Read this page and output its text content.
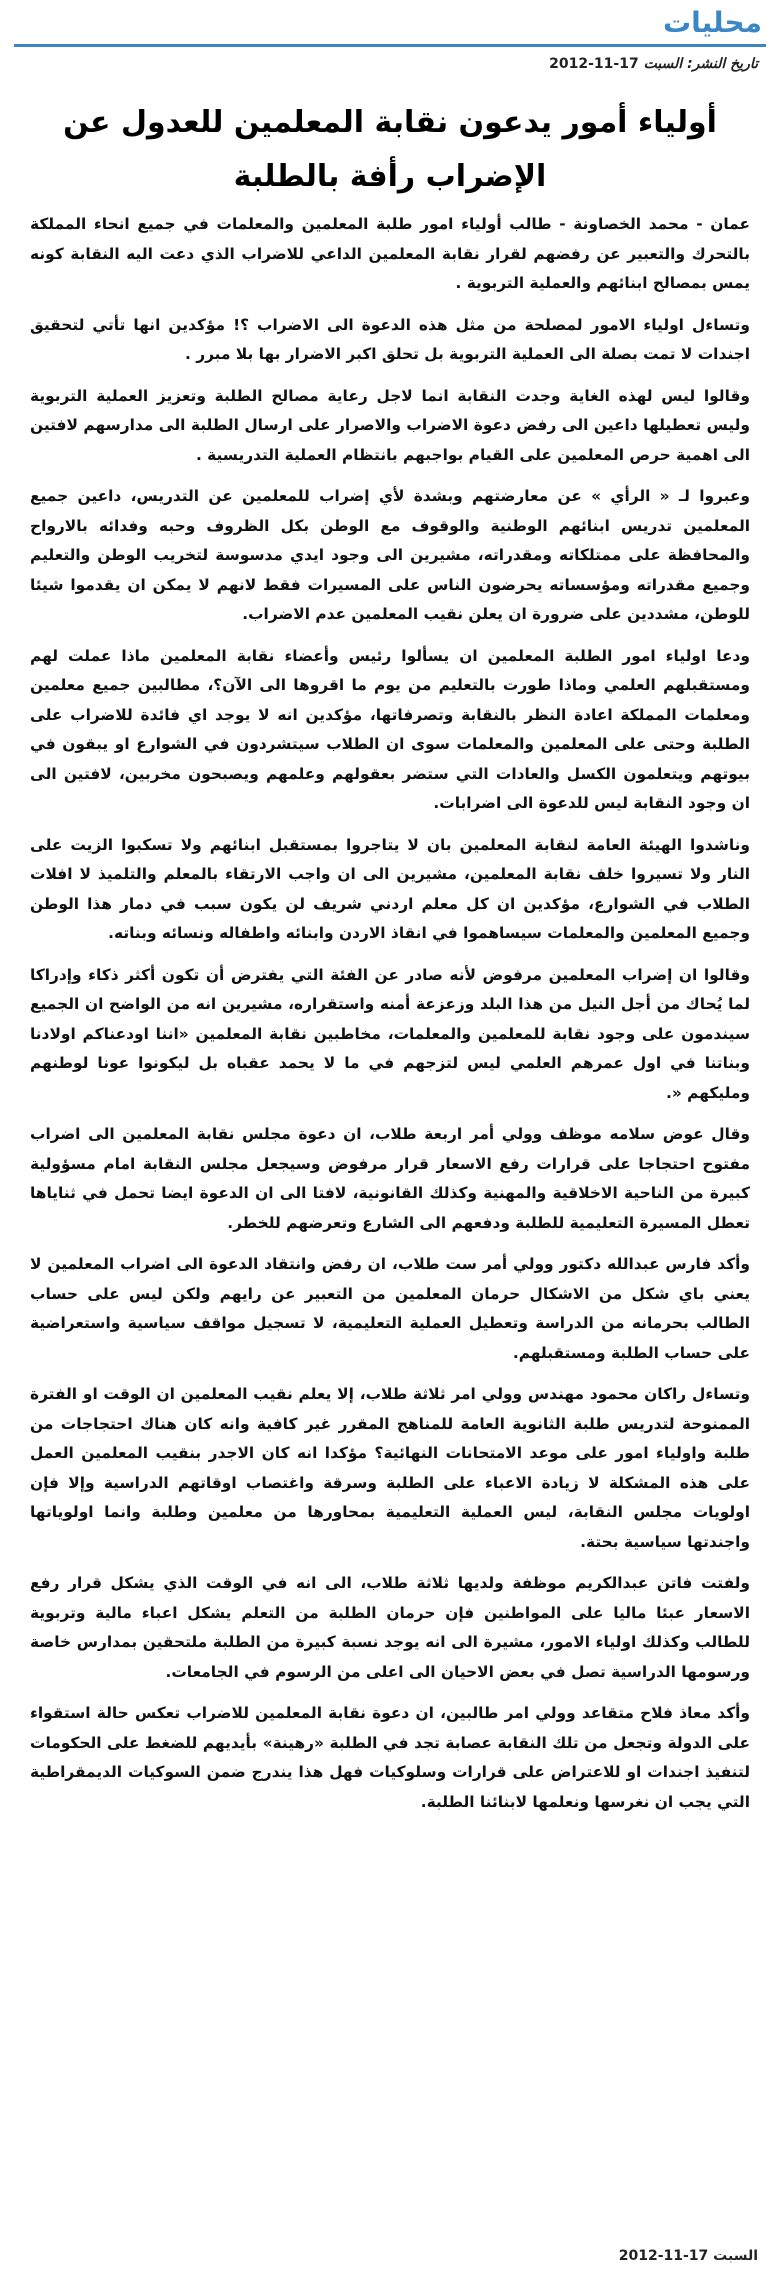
محليات
تاريخ النشر: السبت 17-11-2012
أولياء أمور يدعون نقابة المعلمين للعدول عن الإضراب رأفة بالطلبة

عمان - محمد الخصاونة - طالب أولياء امور طلبة المعلمين والمعلمات في جميع انحاء المملكة بالتحرك والتعبير عن رفضهم لقرار نقابة المعلمين الداعي للاضراب الذي دعت اليه النقابة كونه يمس بمصالح ابنائهم والعملية التربوية .

وتساءل اولياء الامور لمصلحة من مثل هذه الدعوة الى الاضراب ؟! مؤكدين انها تأتي لتحقيق اجندات لا تمت بصلة الى العملية التربوية بل تحلق اكبر الاضرار بها بلا مبرر .

وقالوا ليس لهذه الغاية وجدت النقابة انما لاجل رعاية مصالح الطلبة وتعزيز العملية التربوية وليس تعطيلها داعين الى رفض دعوة الاضراب والاصرار على ارسال الطلبة الى مدارسهم لافتين الى اهمية حرص المعلمين على القيام بواجبهم بانتظام العملية التدريسية .

وعبروا لـ « الرأي » عن معارضتهم وبشدة لأي إضراب للمعلمين عن التدريس، داعين جميع المعلمين تدريس ابنائهم الوطنية والوقوف مع الوطن بكل الظروف وحبه وفدائه بالارواح والمحافظة على ممتلكاته ومقدراته، مشيرين الى وجود ايدي مدسوسة لتخريب الوطن والتعليم وجميع مقدراته ومؤسساته يحرضون الناس على المسيرات فقط لانهم لا يمكن ان يقدموا شيئا للوطن، مشددين على ضرورة ان يعلن نقيب المعلمين عدم الاضراب.

ودعا اولياء امور الطلبة المعلمين ان يسألوا رئيس وأعضاء نقابة المعلمين ماذا عملت لهم ومستقبلهم العلمي وماذا طورت بالتعليم من يوم ما اقروها الى الآن؟، مطالبين جميع معلمين ومعلمات المملكة اعادة النظر بالنقابة وتصرفاتها، مؤكدين انه لا يوجد اي فائدة للاضراب على الطلبة وحتى على المعلمين والمعلمات سوى ان الطلاب سيتشردون في الشوارع او يبقون في بيوتهم ويتعلمون الكسل والعادات التي ستضر بعقولهم وعلمهم ويصبحون مخربين، لافتين الى ان وجود النقابة ليس للدعوة الى اضرابات.

وناشدوا الهيئة العامة لنقابة المعلمين بان لا يتاجروا بمستقبل ابنائهم ولا تسكبوا الزيت على النار ولا تسيروا خلف نقابة المعلمين، مشيرين الى ان واجب الارتقاء بالمعلم والتلميذ لا افلات الطلاب في الشوارع، مؤكدين ان كل معلم اردني شريف لن يكون سبب في دمار هذا الوطن وجميع المعلمين والمعلمات سيساهموا في انقاذ الاردن وابنائه واطفاله ونسائه وبناته.

وقالوا ان إضراب المعلمين مرفوض لأنه صادر عن الفئة التي يفترض أن تكون أكثر ذكاء وإدراكا لما يُحاك من أجل النيل من هذا البلد وزعزعة أمنه واستقراره، مشيرين انه من الواضح ان الجميع سيندمون على وجود نقابة للمعلمين والمعلمات، مخاطبين نقابة المعلمين «اننا اودعناكم اولادنا وبناتنا في اول عمرهم العلمي ليس لتزجهم في ما لا يحمد عقباه بل ليكونوا عونا لوطنهم ومليكهم «.

وقال عوض سلامه موظف وولي أمر اربعة طلاب، ان دعوة مجلس نقابة المعلمين الى اضراب مفتوح احتجاجا على قرارات رفع الاسعار قرار مرفوض وسيجعل مجلس النقابة امام مسؤولية كبيرة من الناحية الاخلاقية والمهنية وكذلك القانونية، لافتا الى ان الدعوة ايضا تحمل في ثناياها تعطل المسيرة التعليمية للطلبة ودفعهم الى الشارع وتعرضهم للخطر.

وأكد فارس عبدالله دكتور وولي أمر ست طلاب، ان رفض وانتقاد الدعوة الى اضراب المعلمين لا يعني باي شكل من الاشكال حرمان المعلمين من التعبير عن رايهم ولكن ليس على حساب الطالب بحرمانه من الدراسة وتعطيل العملية التعليمية، لا تسجيل مواقف سياسية واستعراضية على حساب الطلبة ومستقبلهم.

وتساءل راكان محمود مهندس وولي امر ثلاثة طلاب، إلا يعلم نقيب المعلمين ان الوقت او الفترة الممنوحة لتدريس طلبة الثانوية العامة للمناهج المقرر غير كافية وانه كان هناك احتجاجات من طلبة واولياء امور على موعد الامتحانات النهائية؟ مؤكدا انه كان الاجدر بنقيب المعلمين العمل على هذه المشكلة لا زيادة الاعباء على الطلبة وسرقة واغتصاب اوقاتهم الدراسية وإلا فإن اولويات مجلس النقابة، ليس العملية التعليمية بمحاورها من معلمين وطلبة وانما اولوياتها واجندتها سياسية بحتة.

ولفتت فاتن عبدالكريم موظفة ولديها ثلاثة طلاب، الى انه في الوقت الذي يشكل قرار رفع الاسعار عبئا ماليا على المواطنين فإن حرمان الطلبة من التعلم يشكل اعباء مالية وتربوية للطالب وكذلك اولياء الامور، مشيرة الى انه يوجد نسبة كبيرة من الطلبة ملتحقين بمدارس خاصة ورسومها الدراسية تصل في بعض الاحيان الى اعلى من الرسوم في الجامعات.

وأكد معاذ فلاح متقاعد وولي امر طالبين، ان دعوة نقابة المعلمين للاضراب تعكس حالة استقواء على الدولة وتجعل من تلك النقابة عصابة تجد في الطلبة «رهينة» بأيديهم للضغط على الحكومات لتنفيذ اجندات او للاعتراض على قرارات وسلوكيات فهل هذا يندرج ضمن السوكيات الديمقراطية التي يجب ان نغرسها ونعلمها لابنائنا الطلبة.

السبت 17-11-2012
